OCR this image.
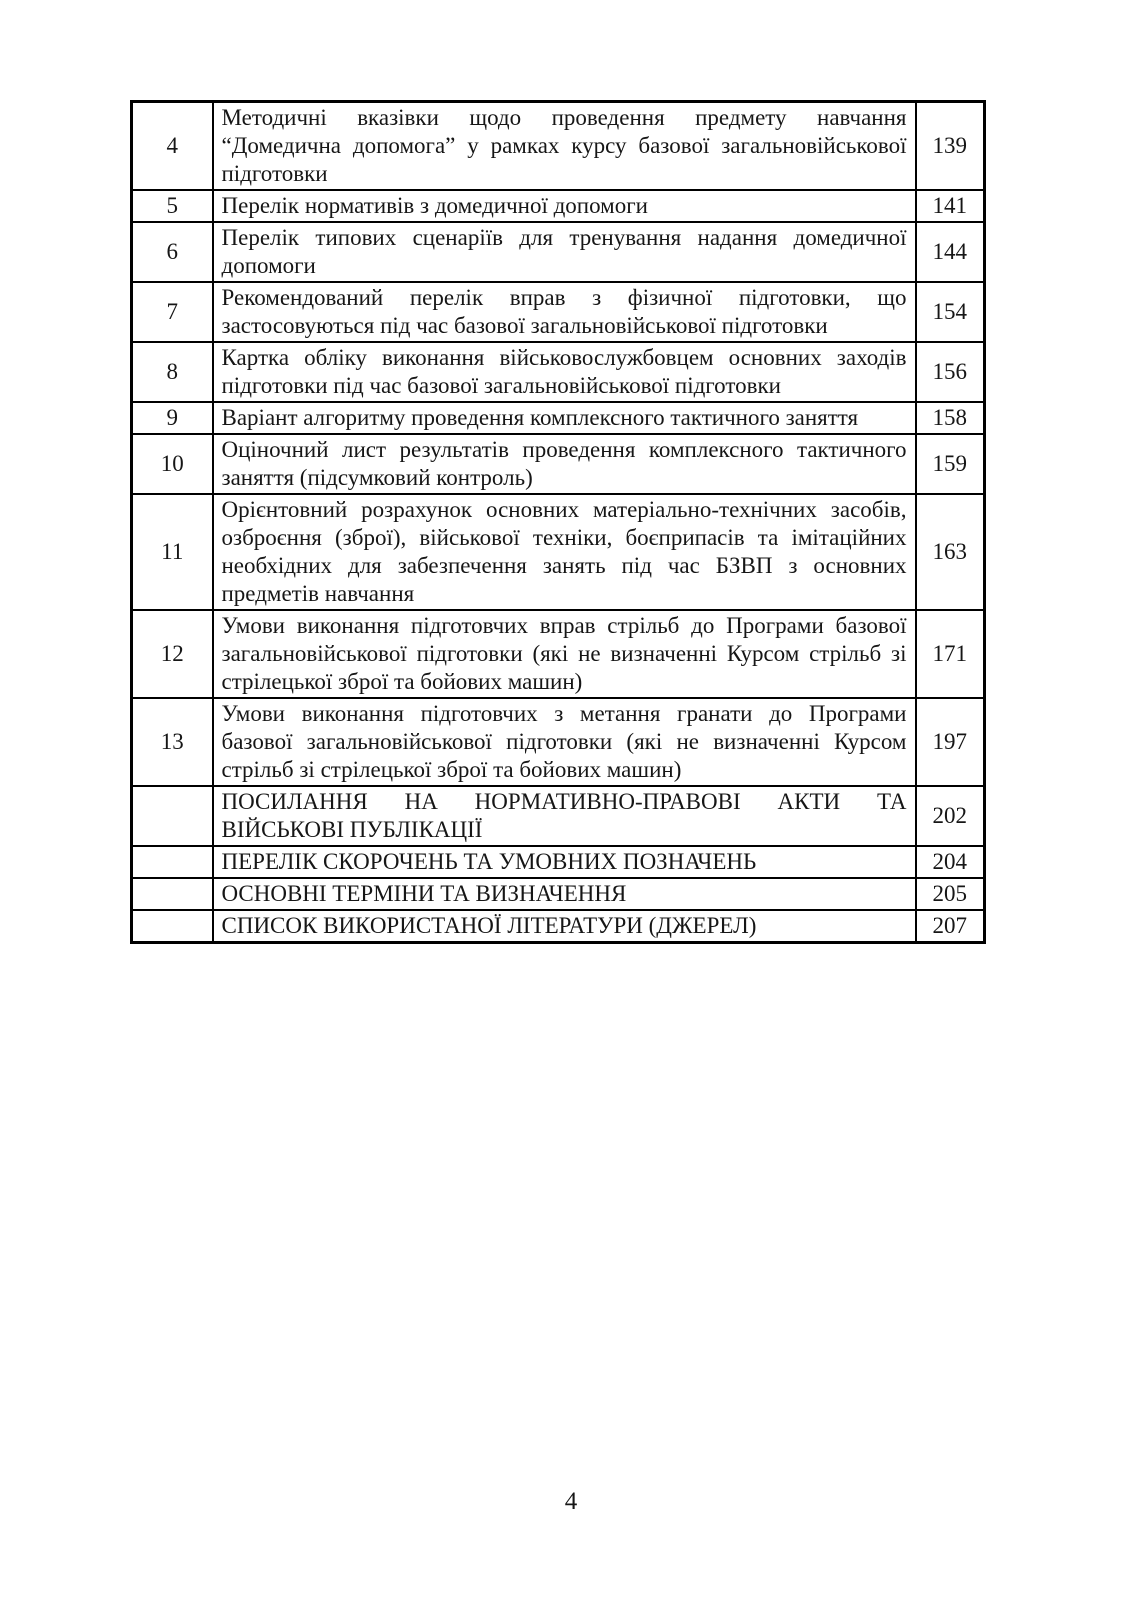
4	Методичні вказівки щодо проведення предмету навчання “Домедична допомога” у рамках курсу базової загальновійськової підготовки	139
5	Перелік нормативів з домедичної допомоги	141
6	Перелік типових сценаріїв для тренування надання домедичної допомоги	144
7	Рекомендований перелік вправ з фізичної підготовки, що застосовуються під час базової загальновійськової підготовки	154
8	Картка обліку виконання військовослужбовцем основних заходів підготовки під час базової загальновійськової підготовки	156
9	Варіант алгоритму проведення комплексного тактичного заняття	158
10	Оціночний лист результатів проведення комплексного тактичного заняття (підсумковий контроль)	159
11	Орієнтовний розрахунок основних матеріально-технічних засобів, озброєння (зброї), військової техніки, боєприпасів та імітаційних необхідних для забезпечення занять під час БЗВП з основних предметів навчання	163
12	Умови виконання підготовчих вправ стрільб до Програми базової загальновійськової підготовки (які не визначенні Курсом стрільб зі стрілецької зброї та бойових машин)	171
13	Умови виконання підготовчих з метання гранати до Програми базової загальновійськової підготовки (які не визначенні Курсом стрільб зі стрілецької зброї та бойових машин)	197
	ПОСИЛАННЯ НА НОРМАТИВНО-ПРАВОВІ АКТИ ТА ВІЙСЬКОВІ ПУБЛІКАЦІЇ	202
	ПЕРЕЛІК СКОРОЧЕНЬ ТА УМОВНИХ ПОЗНАЧЕНЬ	204
	ОСНОВНІ ТЕРМІНИ ТА ВИЗНАЧЕННЯ	205
	СПИСОК ВИКОРИСТАНОЇ ЛІТЕРАТУРИ (ДЖЕРЕЛ)	207
4
